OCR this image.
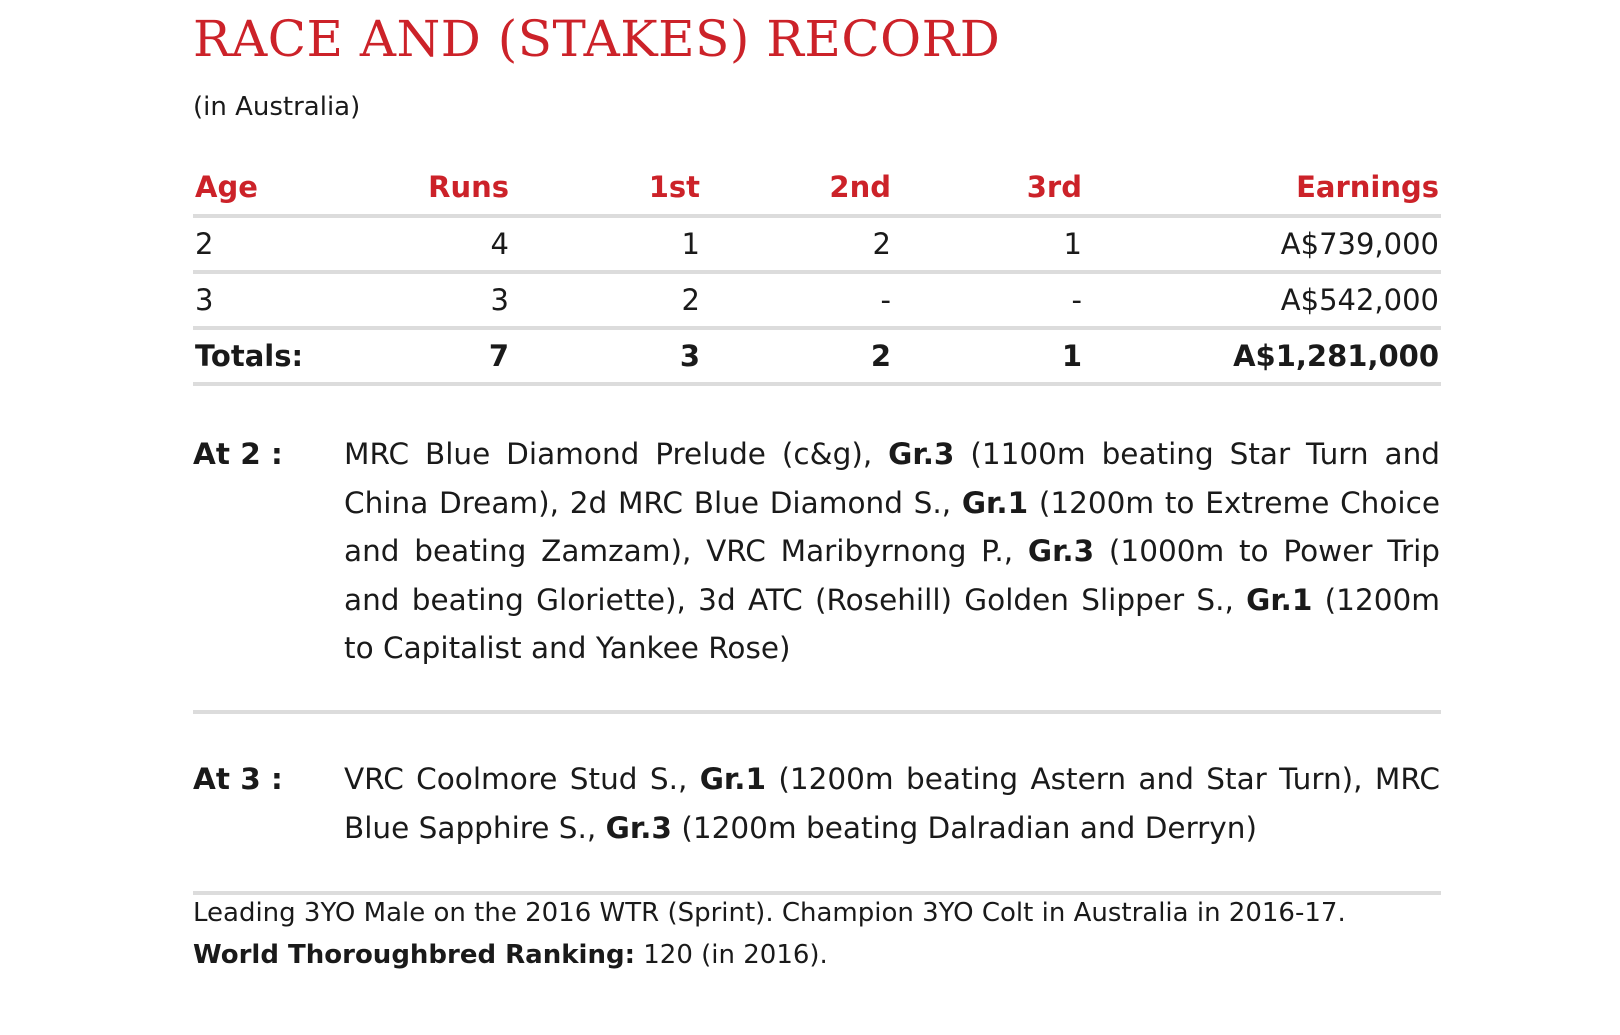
RACE AND (STAKES) RECORD
(in Australia)
Age	Runs	1st	2nd	3rd	Earnings
2	4	1	2	1	A$739,000
3	3	2	-	-	A$542,000
Totals:	7	3	2	1	A$1,281,000
At 2 : MRC Blue Diamond Prelude (c&g), Gr.3 (1100m beating Star Turn and China Dream), 2d MRC Blue Diamond S., Gr.1 (1200m to Extreme Choice and beating Zamzam), VRC Maribyrnong P., Gr.3 (1000m to Power Trip and beating Gloriette), 3d ATC (Rosehill) Golden Slipper S., Gr.1 (1200m to Capitalist and Yankee Rose)
At 3 : VRC Coolmore Stud S., Gr.1 (1200m beating Astern and Star Turn), MRC Blue Sapphire S., Gr.3 (1200m beating Dalradian and Derryn)
Leading 3YO Male on the 2016 WTR (Sprint). Champion 3YO Colt in Australia in 2016-17.
World Thoroughbred Ranking: 120 (in 2016).
